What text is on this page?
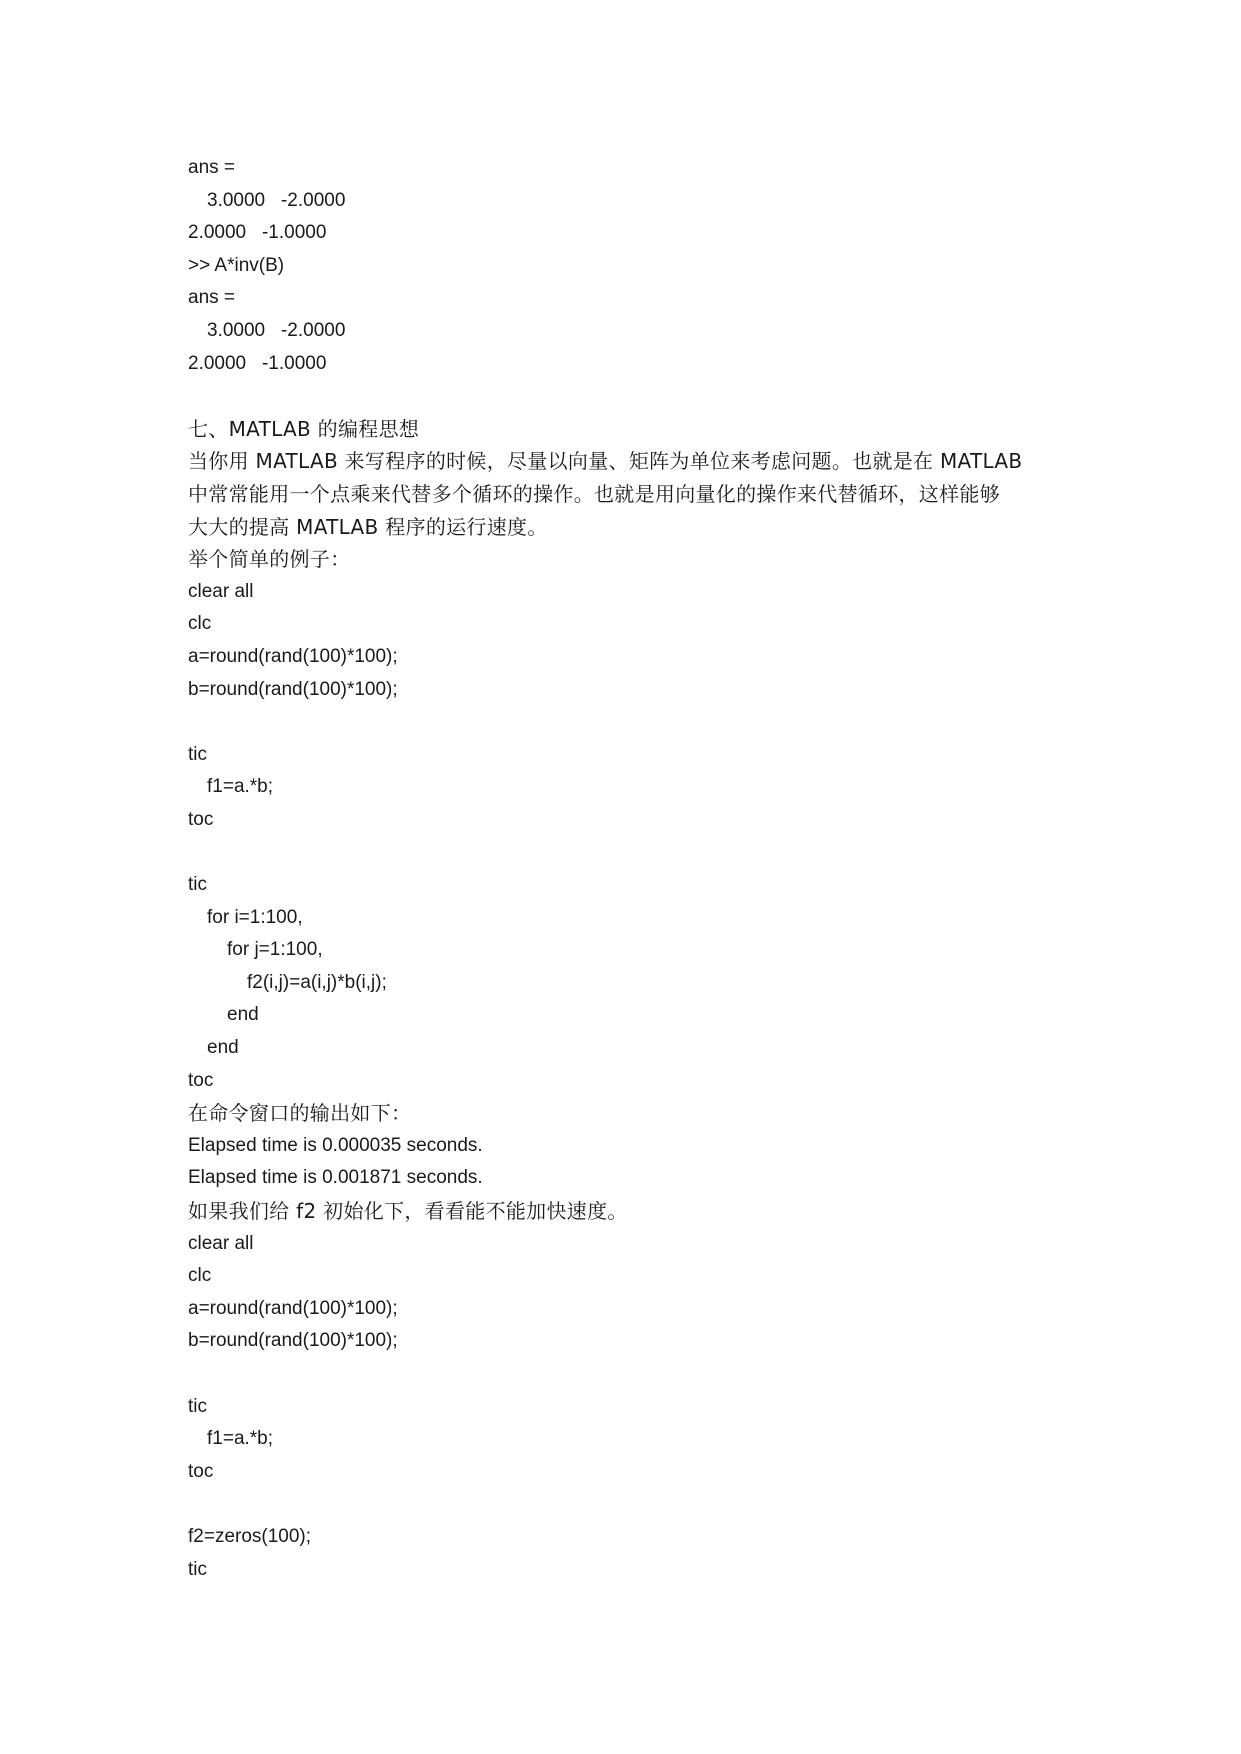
ans =
3.0000   -2.0000
2.0000   -1.0000
>> A*inv(B)
ans =
3.0000   -2.0000
2.0000   -1.0000
七、MATLAB 的编程思想
当你用 MATLAB 来写程序的时候，尽量以向量、矩阵为单位来考虑问题。也就是在 MATLAB
中常常能用一个点乘来代替多个循环的操作。也就是用向量化的操作来代替循环，这样能够
大大的提高 MATLAB 程序的运行速度。
举个简单的例子：
clear all
clc
a=round(rand(100)*100);
b=round(rand(100)*100);
tic
f1=a.*b;
toc
tic
for i=1:100,
for j=1:100,
f2(i,j)=a(i,j)*b(i,j);
end
end
toc
在命令窗口的输出如下：
Elapsed time is 0.000035 seconds.
Elapsed time is 0.001871 seconds.
如果我们给 f2 初始化下，看看能不能加快速度。
clear all
clc
a=round(rand(100)*100);
b=round(rand(100)*100);
tic
f1=a.*b;
toc
f2=zeros(100);
tic
